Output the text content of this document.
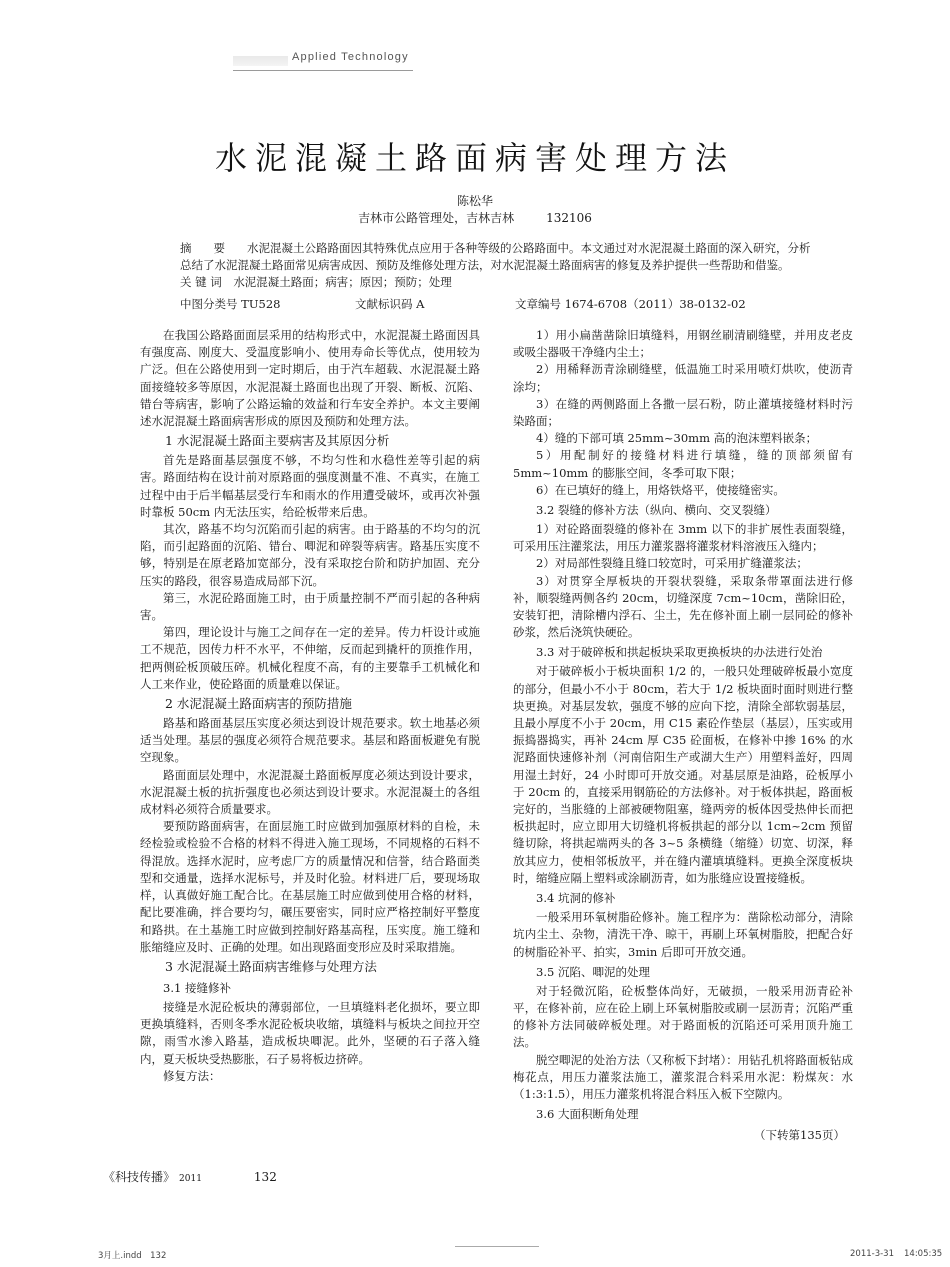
Applied Technology
水泥混凝土路面病害处理方法
陈松华
吉林市公路管理处，吉林吉林	132106
摘要水泥混凝土公路路面因其特殊优点应用于各种等级的公路路面中。本文通过对水泥混凝土路面的深入研究，分析总结了水泥混凝土路面常见病害成因、预防及维修处理方法，对水泥混凝土路面病害的修复及养护提供一些帮助和借鉴。
关 键 词　 水泥混凝土路面；病害；原因；预防；处理
中图分类号 TU528	文献标识码 A	文章编号 1674-6708（2011）38-0132-02

在我国公路路面面层采用的结构形式中，水泥混凝土路面因具有强度高、刚度大、受温度影响小、使用寿命长等优点，使用较为广泛。但在公路使用到一定时期后，由于汽车超载、水泥混凝土路面接缝较多等原因，水泥混凝土路面也出现了开裂、断板、沉陷、错台等病害，影响了公路运输的效益和行车安全养护。本文主要阐述水泥混凝土路面病害形成的原因及预防和处理方法。

1 水泥混凝土路面主要病害及其原因分析

首先是路面基层强度不够，不均匀性和水稳性差等引起的病害。路面结构在设计前对原路面的强度测量不准、不真实，在施工过程中由于后半幅基层受行车和雨水的作用遭受破坏，或再次补强时靠板 50cm 内无法压实，给砼板带来后患。

其次，路基不均匀沉陷而引起的病害。由于路基的不均匀的沉陷，而引起路面的沉陷、错台、唧泥和碎裂等病害。路基压实度不够，特别是在原老路加宽部分，没有采取挖台阶和防护加固、充分压实的路段，很容易造成局部下沉。

第三，水泥砼路面施工时，由于质量控制不严而引起的各种病害。

第四，理论设计与施工之间存在一定的差异。传力杆设计或施工不规范，因传力杆不水平，不伸缩，反而起到撬杆的顶推作用，把两侧砼板顶破压碎。机械化程度不高，有的主要靠手工机械化和人工来作业，使砼路面的质量难以保证。

2 水泥混凝土路面病害的预防措施

路基和路面基层压实度必须达到设计规范要求。软土地基必须适当处理。基层的强度必须符合规范要求。基层和路面板避免有脱空现象。

路面面层处理中，水泥混凝土路面板厚度必须达到设计要求，水泥混凝土板的抗折强度也必须达到设计要求。水泥混凝土的各组成材料必须符合质量要求。

要预防路面病害，在面层施工时应做到加强原材料的自检，未经检验或检验不合格的材料不得进入施工现场，不同规格的石料不得混放。选择水泥时，应考虑厂方的质量情况和信誉，结合路面类型和交通量，选择水泥标号，并及时化验。材料进厂后，要现场取样，认真做好施工配合比。在基层施工时应做到使用合格的材料，配比要准确，拌合要均匀，碾压要密实，同时应严格控制好平整度和路拱。在土基施工时应做到控制好路基高程，压实度。施工缝和胀缩缝应及时、正确的处理。如出现路面变形应及时采取措施。

3 水泥混凝土路面病害维修与处理方法
3.1 接缝修补

接缝是水泥砼板块的薄弱部位，一旦填缝料老化损坏，要立即更换填缝料，否则冬季水泥砼板块收缩，填缝料与板块之间拉开空隙，雨雪水渗入路基，造成板块唧泥。此外，坚硬的石子落入缝内，夏天板块受热膨胀，石子易将板边挤碎。

修复方法：

1）用小扁凿凿除旧填缝料，用钢丝刷清刷缝壁，并用皮老皮或吸尘器吸干净缝内尘土；

2）用稀释沥青涂刷缝壁，低温施工时采用喷灯烘吹，使沥青涂均；

3）在缝的两侧路面上各撒一层石粉，防止灌填接缝材料时污染路面；

4）缝的下部可填 25mm~30mm 高的泡沫塑料嵌条；

5）用配制好的接缝材料进行填缝，缝的顶部须留有 5mm~10mm 的膨胀空间，冬季可取下限；

6）在已填好的缝上，用烙铁烙平，使接缝密实。

3.2 裂缝的修补方法（纵向、横向、交叉裂缝）

1）对砼路面裂缝的修补在 3mm 以下的非扩展性表面裂缝，可采用压注灌浆法，用压力灌浆器将灌浆材料溶液压入缝内；

2）对局部性裂缝且缝口较宽时，可采用扩缝灌浆法；

3）对贯穿全厚板块的开裂状裂缝，采取条带罩面法进行修补，顺裂缝两侧各约 20cm，切缝深度 7cm~10cm，凿除旧砼，安装钉把，清除槽内浮石、尘土，先在修补面上刷一层同砼的修补砂浆，然后浇筑快硬砼。

3.3 对于破碎板和拱起板块采取更换板块的办法进行处治

对于破碎板小于板块面积 1/2 的，一般只处理破碎板最小宽度的部分，但最小不小于 80cm，若大于 1/2 板块面时面时则进行整块更换。对基层发软，强度不够的应向下挖，清除全部软弱基层，且最小厚度不小于 20cm，用 C15 素砼作垫层（基层），压实或用振捣器捣实，再补 24cm 厚 C35 砼面板，在修补中掺 16% 的水泥路面快速修补剂（河南信阳生产或湖大生产）用塑料盖好，四周用湿土封好，24 小时即可开放交通。对基层原是油路，砼板厚小于 20cm 的，直接采用钢筋砼的方法修补。对于板体拱起，路面板完好的，当胀缝的上部被硬物阻塞，缝两旁的板体因受热伸长而把板拱起时，应立即用大切缝机将板拱起的部分以 1cm~2cm 预留缝切除，将拱起端两头的各 3~5 条横缝（缩缝）切宽、切深，释放其应力，使相邻板放平，并在缝内灌填填缝料。更换全深度板块时，缩缝应隔上塑料或涂刷沥青，如为胀缝应设置接缝板。

3.4 坑洞的修补

一般采用环氧树脂砼修补。施工程序为：凿除松动部分，清除坑内尘土、杂物，清洗干净、晾干，再刷上环氧树脂胶，把配合好的树脂砼补平、拍实，3min 后即可开放交通。

3.5 沉陷、唧泥的处理

对于轻微沉陷，砼板整体尚好，无破损，一般采用沥青砼补平，在修补前，应在砼上刷上环氧树脂胶或刷一层沥青；沉陷严重的修补方法同破碎板处理。对于路面板的沉陷还可采用顶升施工法。

脱空唧泥的处治方法（又称板下封堵）：用钻孔机将路面板钻成梅花点，用压力灌浆法施工，灌浆混合料采用水泥：粉煤灰：水（1:3:1.5），用压力灌浆机将混合料压入板下空隙内。

3.6 大面积断角处理
（下转第135页）
《科技传播》 2011	132
3月上.indd　132	2011-3-31 14:05:35
